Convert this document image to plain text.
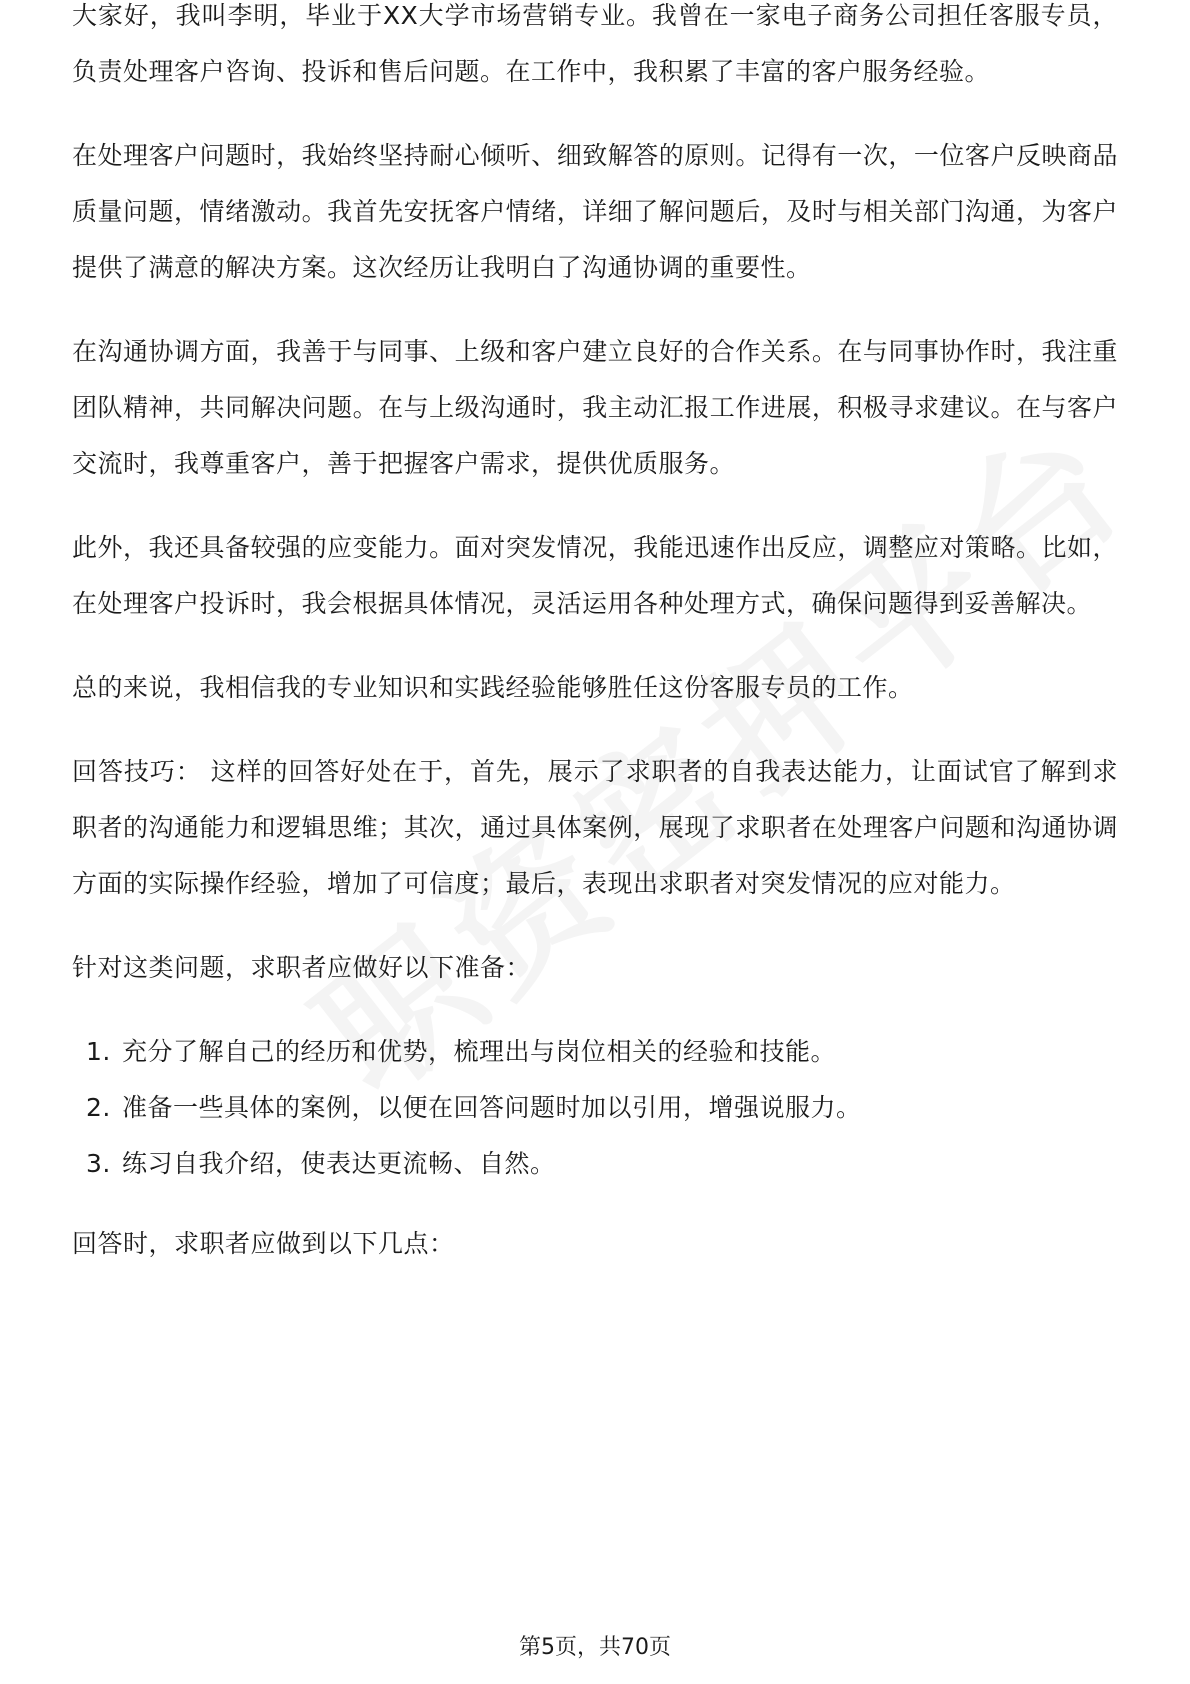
大家好，我叫李明，毕业于XX大学市场营销专业。我曾在一家电子商务公司担任客服专员，负责处理客户咨询、投诉和售后问题。在工作中，我积累了丰富的客户服务经验。

在处理客户问题时，我始终坚持耐心倾听、细致解答的原则。记得有一次，一位客户反映商品质量问题，情绪激动。我首先安抚客户情绪，详细了解问题后，及时与相关部门沟通，为客户提供了满意的解决方案。这次经历让我明白了沟通协调的重要性。

在沟通协调方面，我善于与同事、上级和客户建立良好的合作关系。在与同事协作时，我注重团队精神，共同解决问题。在与上级沟通时，我主动汇报工作进展，积极寻求建议。在与客户交流时，我尊重客户，善于把握客户需求，提供优质服务。

此外，我还具备较强的应变能力。面对突发情况，我能迅速作出反应，调整应对策略。比如，在处理客户投诉时，我会根据具体情况，灵活运用各种处理方式，确保问题得到妥善解决。

总的来说，我相信我的专业知识和实践经验能够胜任这份客服专员的工作。

回答技巧： 这样的回答好处在于，首先，展示了求职者的自我表达能力，让面试官了解到求职者的沟通能力和逻辑思维；其次，通过具体案例，展现了求职者在处理客户问题和沟通协调方面的实际操作经验，增加了可信度；最后，表现出求职者对突发情况的应对能力。

针对这类问题，求职者应做好以下准备：

1. 充分了解自己的经历和优势，梳理出与岗位相关的经验和技能。
2. 准备一些具体的案例，以便在回答问题时加以引用，增强说服力。
3. 练习自我介绍，使表达更流畅、自然。

回答时，求职者应做到以下几点：

第5页，共70页
